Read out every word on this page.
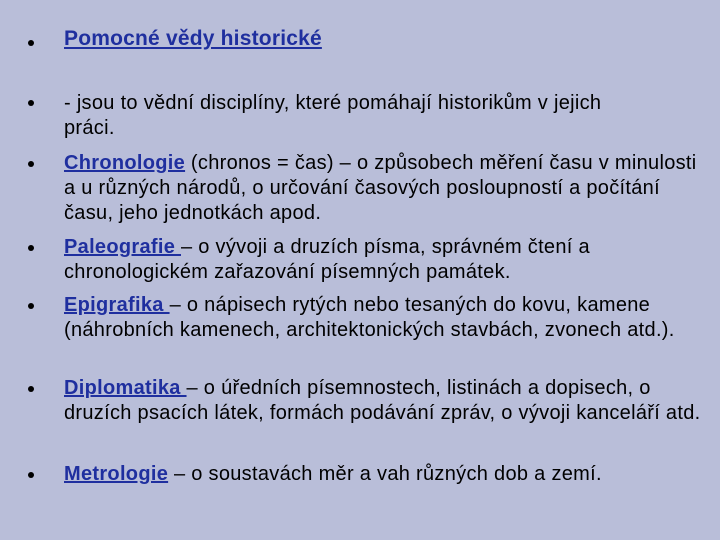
Pomocné vědy historické
- jsou to vědní disciplíny, které pomáhají historikům v jejich práci.
Chronologie (chronos = čas) – o způsobech měření času v minulosti a u různých národů, o určování časových posloupností a počítání času, jeho jednotkách apod.
Paleografie – o vývoji a druzích písma, správném čtení a chronologickém zařazování písemných památek.
Epigrafika – o nápisech rytých nebo tesaných do kovu, kamene (náhrobních kamenech, architektonických stavbách, zvonech atd.).
Diplomatika – o úředních písemnostech, listinách a dopisech, o druzích psacích látek, formách podávání zpráv, o vývoji kanceláří atd.
Metrologie – o soustavách měr a vah různých dob a zemí.
